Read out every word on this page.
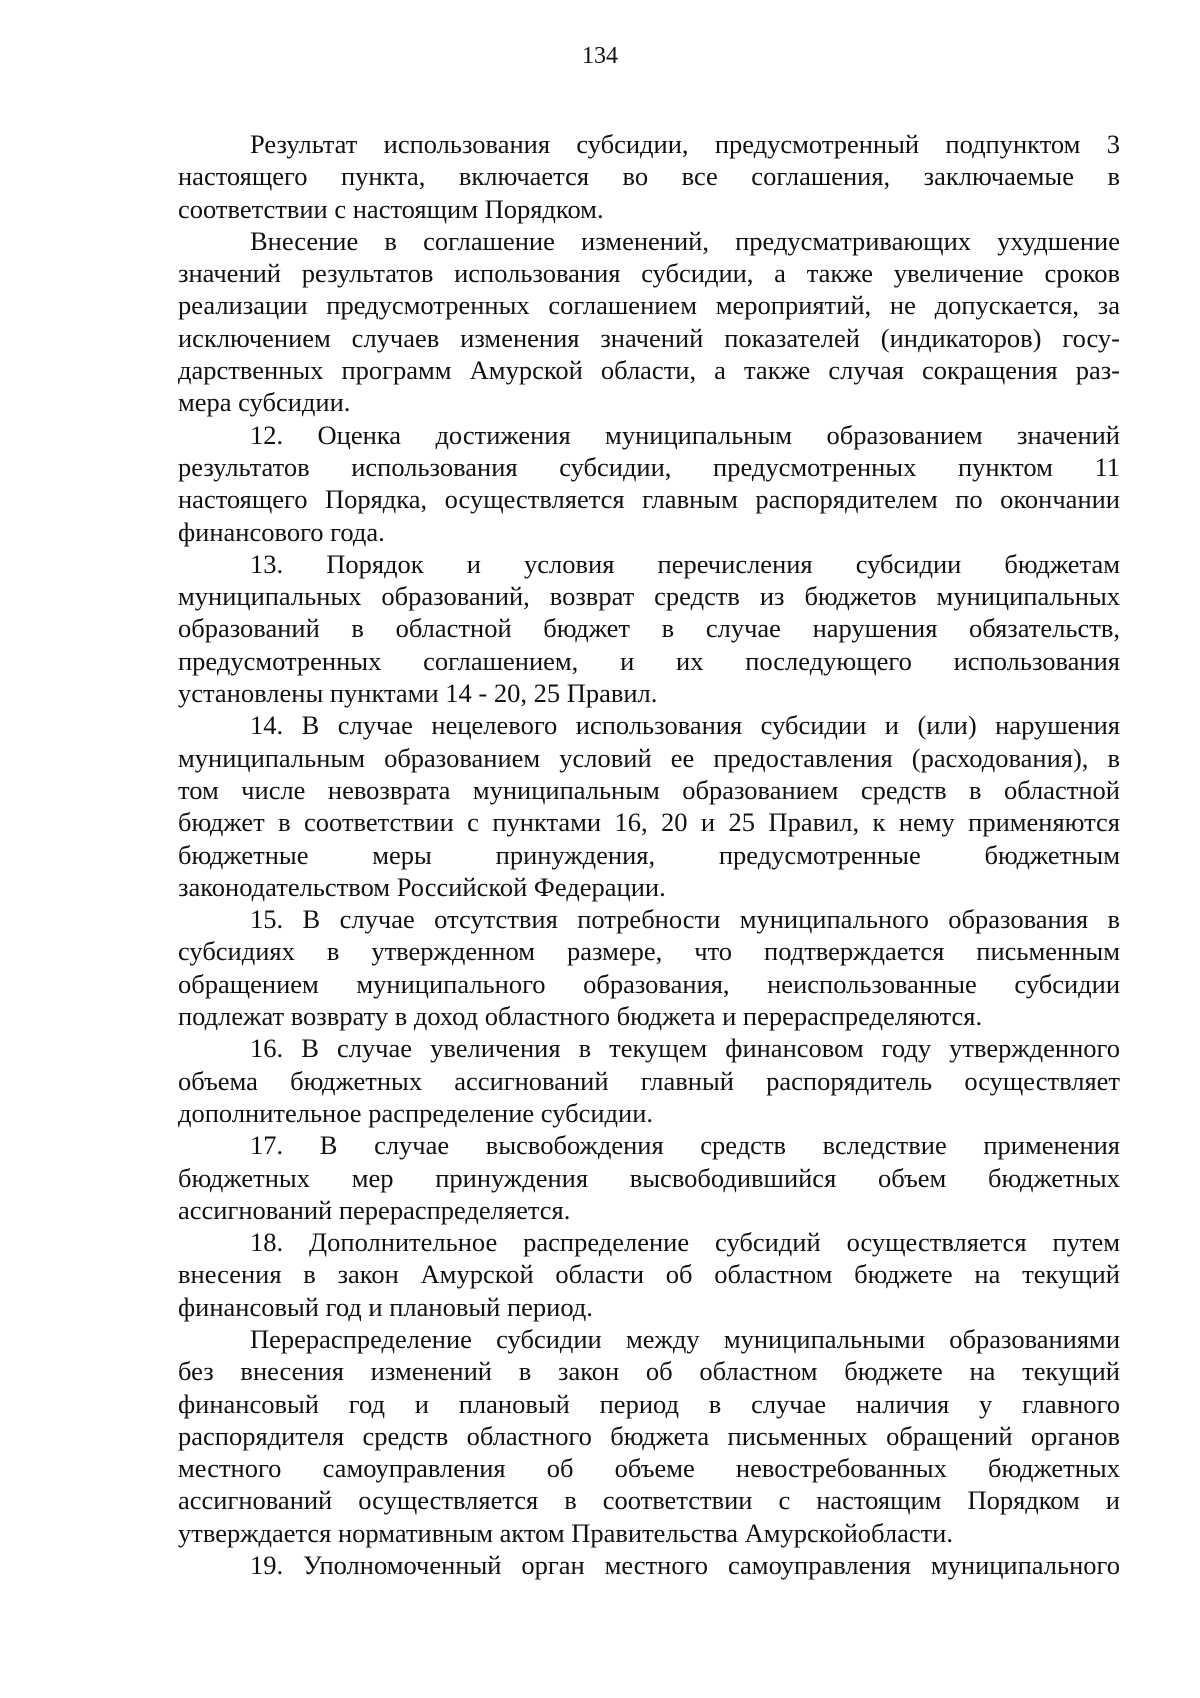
134
Результат использования субсидии, предусмотренный подпунктом 3
настоящего пункта, включается во все соглашения, заключаемые в
соответствии с настоящим Порядком.
Внесение в соглашение изменений, предусматривающих ухудшение
значений результатов использования субсидии, а также увеличение сроков
реализации предусмотренных соглашением мероприятий, не допускается, за
исключением случаев изменения значений показателей (индикаторов) госу-
дарственных программ Амурской области, а также случая сокращения раз-
мера субсидии.
12. Оценка достижения муниципальным образованием значений
результатов использования субсидии, предусмотренных пунктом 11
настоящего Порядка, осуществляется главным распорядителем по окончании
финансового года.
13. Порядок и условия перечисления субсидии бюджетам
муниципальных образований, возврат средств из бюджетов муниципальных
образований в областной бюджет в случае нарушения обязательств,
предусмотренных соглашением, и их последующего использования
установлены пунктами 14 - 20, 25 Правил.
14. В случае нецелевого использования субсидии и (или) нарушения
муниципальным образованием условий ее предоставления (расходования), в
том числе невозврата муниципальным образованием средств в областной
бюджет в соответствии с пунктами 16, 20 и 25 Правил, к нему применяются
бюджетные меры принуждения, предусмотренные бюджетным
законодательством Российской Федерации.
15. В случае отсутствия потребности муниципального образования в
субсидиях в утвержденном размере, что подтверждается письменным
обращением муниципального образования, неиспользованные субсидии
подлежат возврату в доход областного бюджета и перераспределяются.
16. В случае увеличения в текущем финансовом году утвержденного
объема бюджетных ассигнований главный распорядитель осуществляет
дополнительное распределение субсидии.
17. В случае высвобождения средств вследствие применения
бюджетных мер принуждения высвободившийся объем бюджетных
ассигнований перераспределяется.
18. Дополнительное распределение субсидий осуществляется путем
внесения в закон Амурской области об областном бюджете на текущий
финансовый год и плановый период.
Перераспределение субсидии между муниципальными образованиями
без внесения изменений в закон об областном бюджете на текущий
финансовый год и плановый период в случае наличия у главного
распорядителя средств областного бюджета письменных обращений органов
местного самоуправления об объеме невостребованных бюджетных
ассигнований осуществляется в соответствии с настоящим Порядком и
утверждается нормативным актом Правительства Амурскойобласти.
19. Уполномоченный орган местного самоуправления муниципального
